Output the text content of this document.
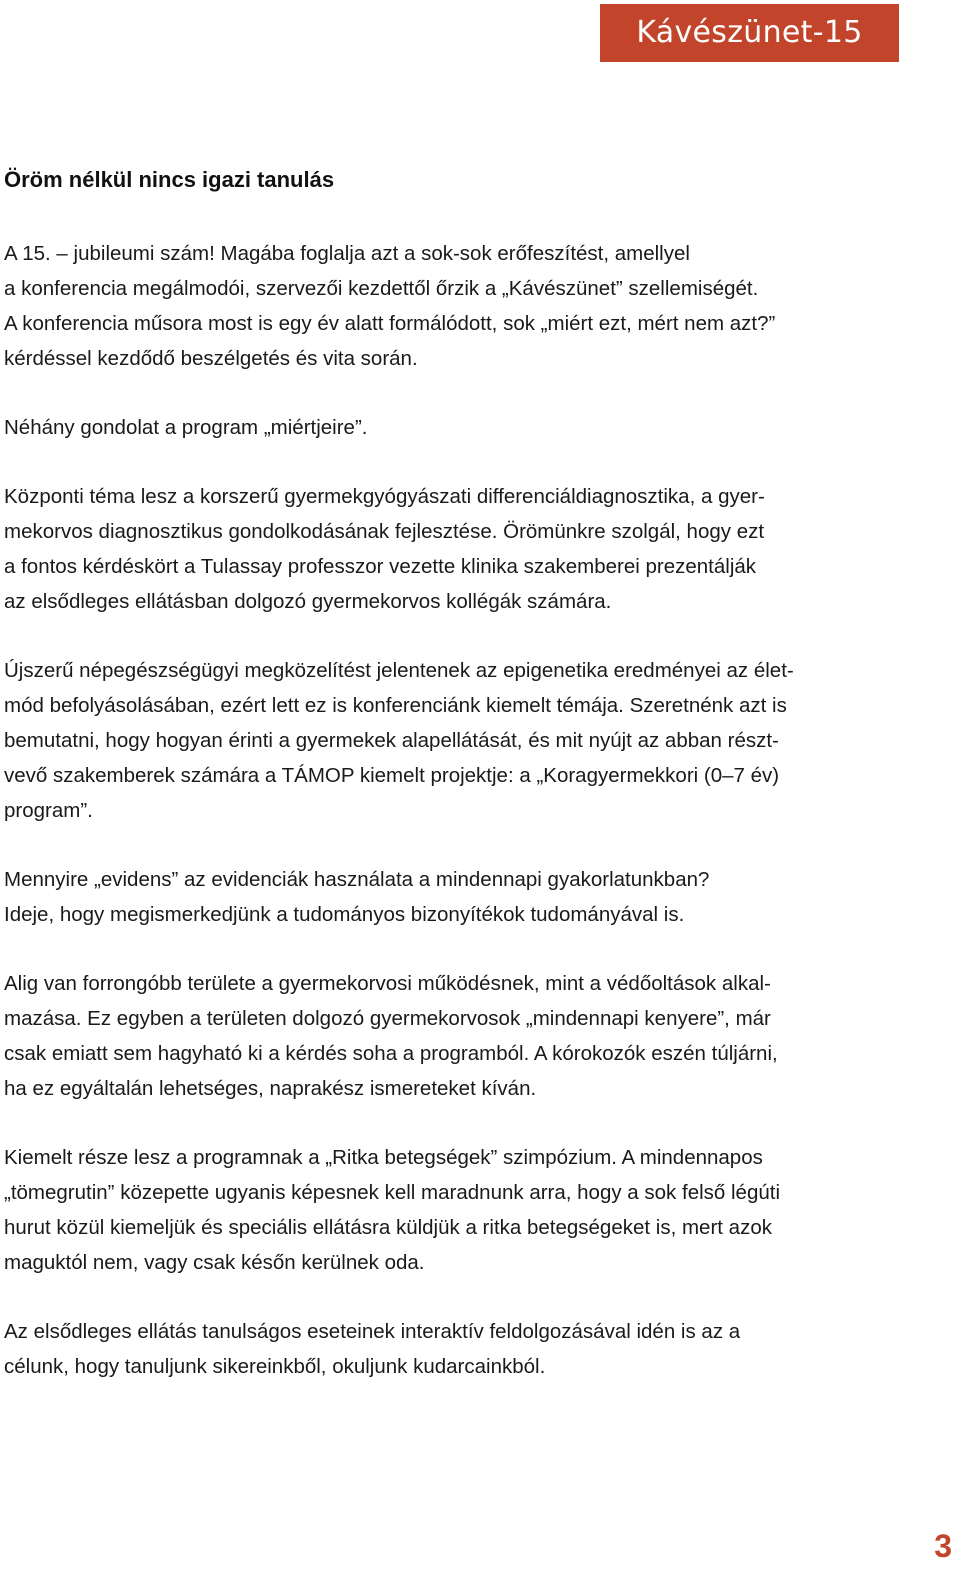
Kávészünet-15
Öröm nélkül nincs igazi tanulás

A 15. – jubileumi szám! Magába foglalja azt a sok-sok erőfeszítést, amellyel
a konferencia megálmodói, szervezői kezdettől őrzik a „Kávészünet” szellemiségét.
A konferencia műsora most is egy év alatt formálódott, sok „miért ezt, mért nem azt?”
kérdéssel kezdődő beszélgetés és vita során.

Néhány gondolat a program „miértjeire”.

Központi téma lesz a korszerű gyermekgyógyászati differenciáldiagnosztika, a gyer-
mekorvos diagnosztikus gondolkodásának fejlesztése. Örömünkre szolgál, hogy ezt
a fontos kérdéskört a Tulassay professzor vezette klinika szakemberei prezentálják
az elsődleges ellátásban dolgozó gyermekorvos kollégák számára.

Újszerű népegészségügyi megközelítést jelentenek az epigenetika eredményei az élet-
mód befolyásolásában, ezért lett ez is konferenciánk kiemelt témája. Szeretnénk azt is
bemutatni, hogy hogyan érinti a gyermekek alapellátását, és mit nyújt az abban részt-
vevő szakemberek számára a TÁMOP kiemelt projektje: a „Koragyermekkori (0–7 év)
program”.

Mennyire „evidens” az evidenciák használata a mindennapi gyakorlatunkban?
Ideje, hogy megismerkedjünk a tudományos bizonyítékok tudományával is.

Alig van forrongóbb területe a gyermekorvosi működésnek, mint a védőoltások alkal-
mazása. Ez egyben a területen dolgozó gyermekorvosok „mindennapi kenyere”, már
csak emiatt sem hagyható ki a kérdés soha a programból. A kórokozók eszén túljárni,
ha ez egyáltalán lehetséges, naprakész ismereteket kíván.

Kiemelt része lesz a programnak a „Ritka betegségek” szimpózium. A mindennapos
„tömegrutin” közepette ugyanis képesnek kell maradnunk arra, hogy a sok felső légúti
hurut közül kiemeljük és speciális ellátásra küldjük a ritka betegségeket is, mert azok
maguktól nem, vagy csak későn kerülnek oda.

Az elsődleges ellátás tanulságos eseteinek interaktív feldolgozásával idén is az a
célunk, hogy tanuljunk sikereinkből, okuljunk kudarcainkból.

3
